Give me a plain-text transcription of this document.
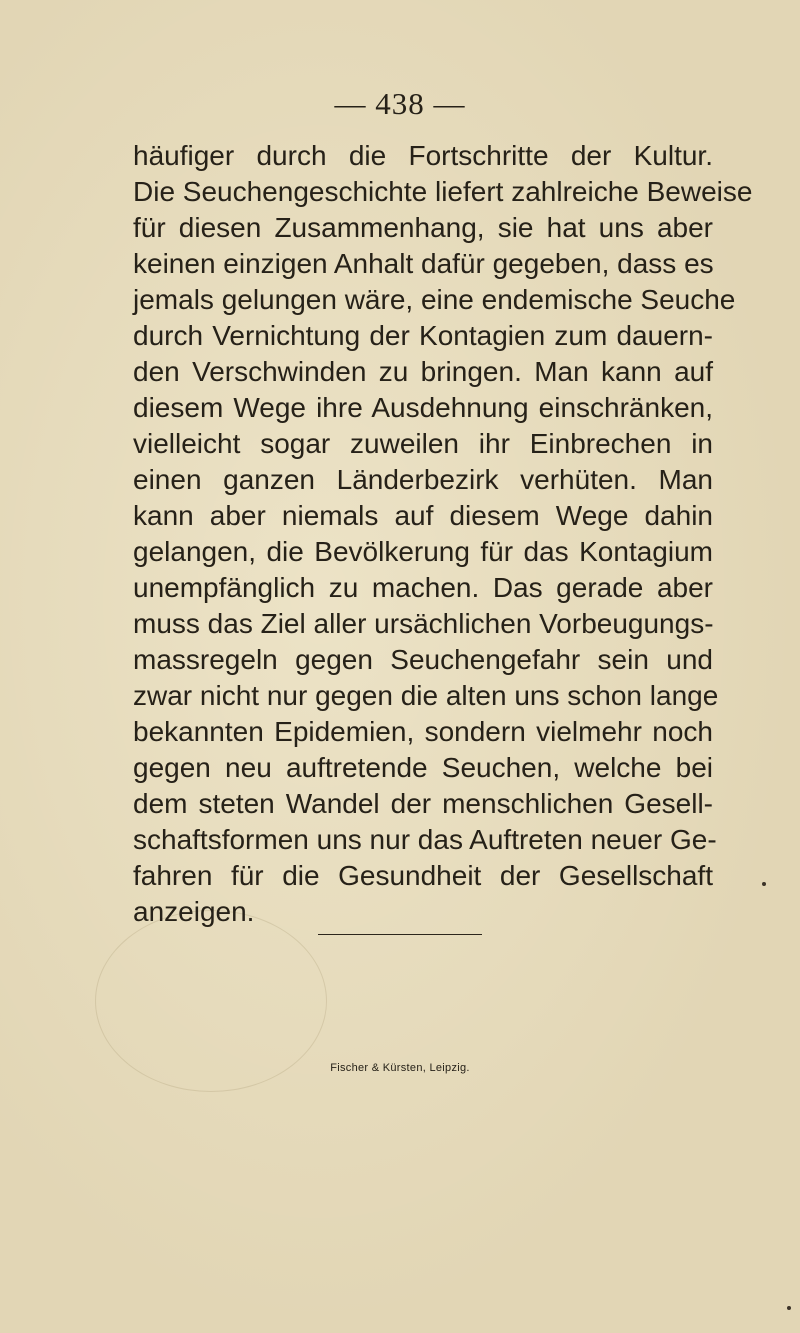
— 438 —
häufiger durch die Fortschritte der Kultur.
Die Seuchengeschichte liefert zahlreiche Beweise
für diesen Zusammenhang, sie hat uns aber
keinen einzigen Anhalt dafür gegeben, dass es
jemals gelungen wäre, eine endemische Seuche
durch Vernichtung der Kontagien zum dauern-
den Verschwinden zu bringen. Man kann auf
diesem Wege ihre Ausdehnung einschränken,
vielleicht sogar zuweilen ihr Einbrechen in
einen ganzen Länderbezirk verhüten. Man
kann aber niemals auf diesem Wege dahin
gelangen, die Bevölkerung für das Kontagium
unempfänglich zu machen. Das gerade aber
muss das Ziel aller ursächlichen Vorbeugungs-
massregeln gegen Seuchengefahr sein und
zwar nicht nur gegen die alten uns schon lange
bekannten Epidemien, sondern vielmehr noch
gegen neu auftretende Seuchen, welche bei
dem steten Wandel der menschlichen Gesell-
schaftsformen uns nur das Auftreten neuer Ge-
fahren für die Gesundheit der Gesellschaft
anzeigen.
Fischer & Kürsten, Leipzig.
